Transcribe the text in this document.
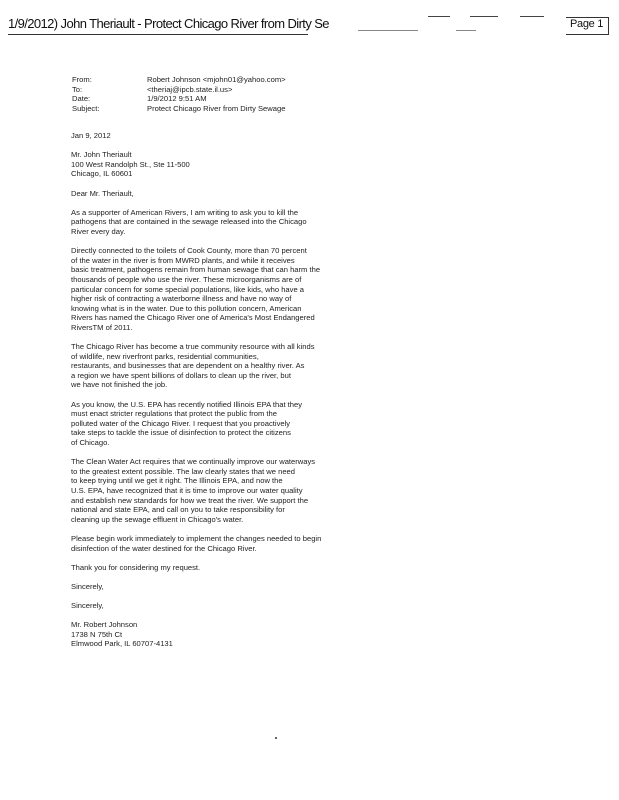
1/9/2012) John Theriault - Protect Chicago River from Dirty Se	Page 1
From:	Robert Johnson <mjohn01@yahoo.com>
To:	<theriaj@ipcb.state.il.us>
Date:	1/9/2012 9:51 AM
Subject:	Protect Chicago River from Dirty Sewage
Jan 9, 2012
Mr. John Theriault
100 West Randolph St., Ste 11-500
Chicago, IL 60601
Dear Mr. Theriault,
As a supporter of American Rivers, I am writing to ask you to kill the
pathogens that are contained in the sewage released into the Chicago
River every day.
Directly connected to the toilets of Cook County, more than 70 percent
of the water in the river is from MWRD plants, and while it receives
basic treatment, pathogens remain from human sewage that can harm the
thousands of people who use the river. These microorganisms are of
particular concern for some special populations, like kids, who have a
higher risk of contracting a waterborne illness and have no way of
knowing what is in the water. Due to this pollution concern, American
Rivers has named the Chicago River one of America's Most Endangered
RiversTM of 2011.
The Chicago River has become a true community resource with all kinds
of wildlife, new riverfront parks, residential communities,
restaurants, and businesses that are dependent on a healthy river. As
a region we have spent billions of dollars to clean up the river, but
we have not finished the job.
As you know, the U.S. EPA has recently notified Illinois EPA that they
must enact stricter regulations that protect the public from the
polluted water of the Chicago River. I request that you proactively
take steps to tackle the issue of disinfection to protect the citizens
of Chicago.
The Clean Water Act requires that we continually improve our waterways
to the greatest extent possible. The law clearly states that we need
to keep trying until we get it right. The Illinois EPA, and now the
U.S. EPA, have recognized that it is time to improve our water quality
and establish new standards for how we treat the river. We support the
national and state EPA, and call on you to take responsibility for
cleaning up the sewage effluent in Chicago's water.
Please begin work immediately to implement the changes needed to begin
disinfection of the water destined for the Chicago River.
Thank you for considering my request.
Sincerely,
Sincerely,
Mr. Robert Johnson
1738 N 75th Ct
Elmwood Park, IL 60707-4131
